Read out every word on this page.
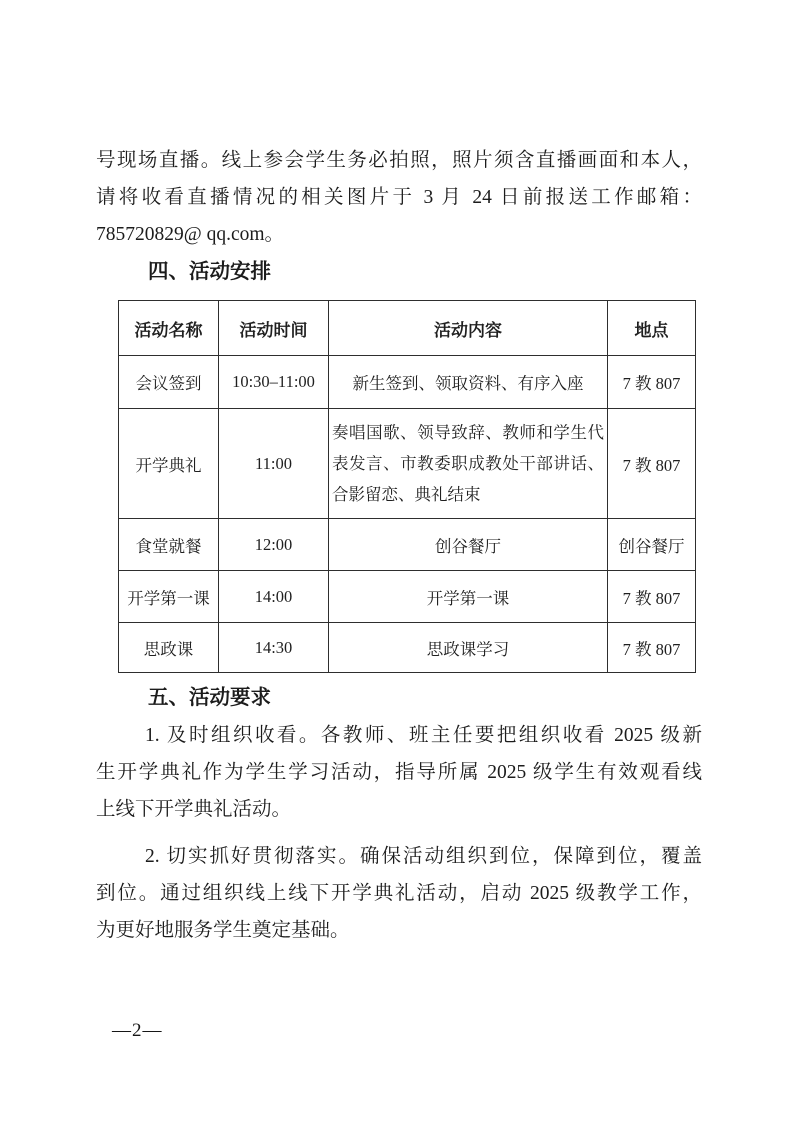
号现场直播。线上参会学生务必拍照，照片须含直播画面和本人，
请将收看直播情况的相关图片于 3 月 24 日前报送工作邮箱：
785720829@ qq.com。
四、活动安排
活动名称	活动时间	活动内容	地点
会议签到	10:30–11:00	新生签到、领取资料、有序入座	7 教 807
开学典礼	11:00	奏唱国歌、领导致辞、教师和学生代表发言、市教委职成教处干部讲话、合影留恋、典礼结束	7 教 807
食堂就餐	12:00	创谷餐厅	创谷餐厅
开学第一课	14:00	开学第一课	7 教 807
思政课	14:30	思政课学习	7 教 807
五、活动要求
1. 及时组织收看。各教师、班主任要把组织收看 2025 级新
生开学典礼作为学生学习活动，指导所属 2025 级学生有效观看线
上线下开学典礼活动。
2. 切实抓好贯彻落实。确保活动组织到位，保障到位，覆盖
到位。通过组织线上线下开学典礼活动，启动 2025 级教学工作，
为更好地服务学生奠定基础。
—2—
